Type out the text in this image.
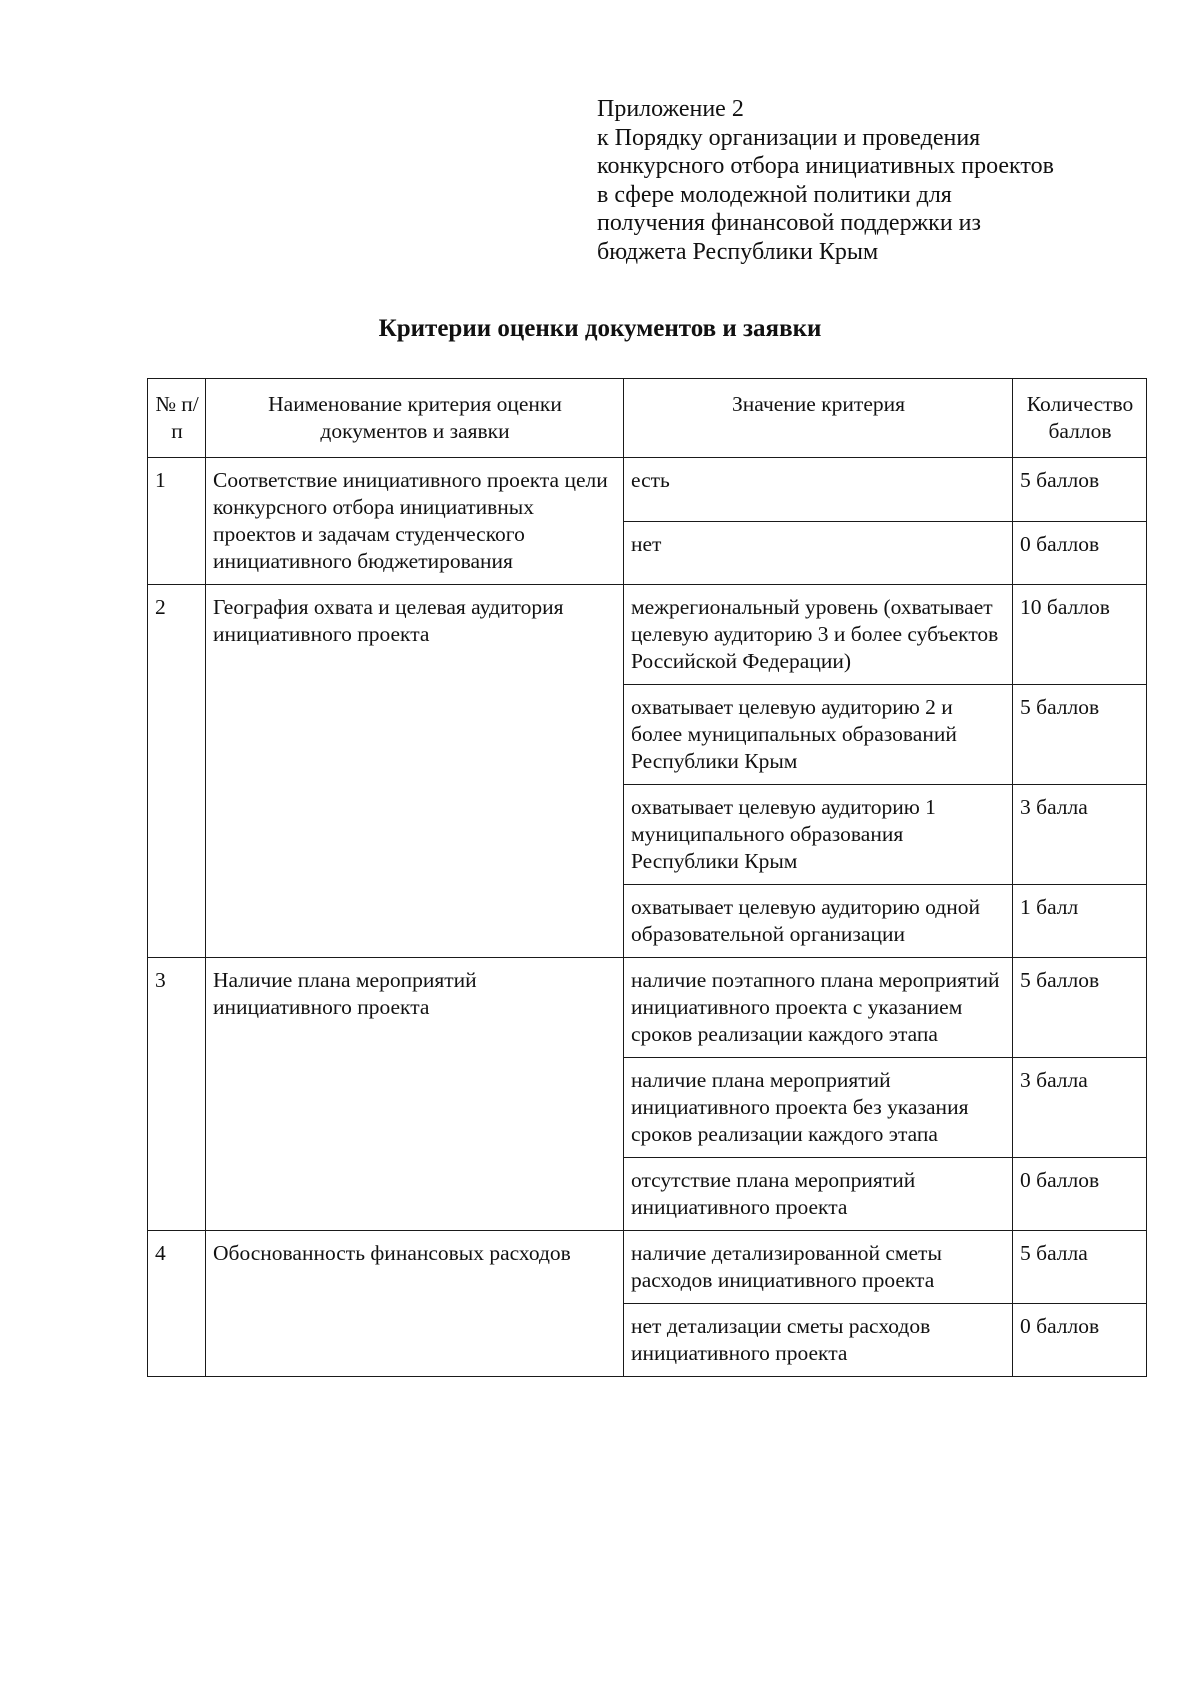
Приложение 2
к Порядку организации и проведения
конкурсного отбора инициативных проектов
в сфере молодежной политики для
получения финансовой поддержки из
бюджета Республики Крым
Критерии оценки документов и заявки
№ п/п	Наименование критерия оценки документов и заявки	Значение критерия	Количество баллов
1	Соответствие инициативного проекта цели конкурсного отбора инициативных проектов и задачам студенческого инициативного бюджетирования	есть	5 баллов
		нет	0 баллов
2	География охвата и целевая аудитория инициативного проекта	межрегиональный уровень (охватывает целевую аудиторию 3 и более субъектов Российской Федерации)	10 баллов
		охватывает целевую аудиторию 2 и более муниципальных образований Республики Крым	5 баллов
		охватывает целевую аудиторию 1 муниципального образования Республики Крым	3 балла
		охватывает целевую аудиторию одной образовательной организации	1 балл
3	Наличие плана мероприятий инициативного проекта	наличие поэтапного плана мероприятий инициативного проекта с указанием сроков реализации каждого этапа	5 баллов
		наличие плана мероприятий инициативного проекта без указания сроков реализации каждого этапа	3 балла
		отсутствие плана мероприятий инициативного проекта	0 баллов
4	Обоснованность финансовых расходов	наличие детализированной сметы расходов инициативного проекта	5 балла
		нет детализации сметы расходов инициативного проекта	0 баллов
